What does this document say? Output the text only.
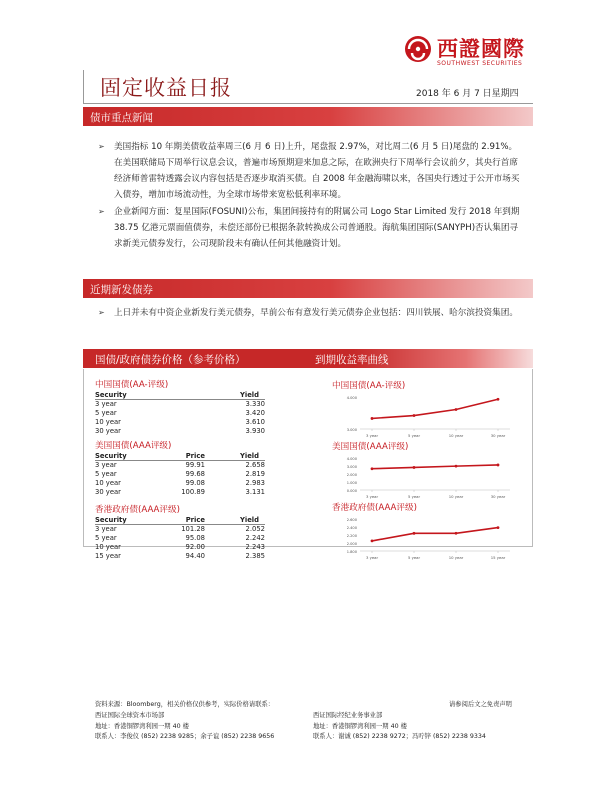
西證國際
SOUTHWEST SECURITIES
固定收益日报	2018 年 6 月 7 日星期四
债市重点新闻
➢ 美国指标 10 年期美债收益率周三(6 月 6 日)上升，尾盘报 2.97%，对比周二(6 月 5 日)尾盘的 2.91%。在美国联储局下周举行议息会议，普遍市场预期迎来加息之际，在欧洲央行下周举行会议前夕，其央行首席经济师普雷特透露会议内容包括是否逐步取消买债。自 2008 年金融海啸以来，各国央行透过于公开市场买入债券，增加市场流动性，为全球市场带来宽松低利率环境。
➢ 企业新闻方面：复星国际(FOSUNI)公布，集团间接持有的附属公司 Logo Star Limited 发行 2018 年到期 38.75 亿港元票面值债券，未偿还部份已根据条款转换成公司普通股。海航集团国际(SANYPH)否认集团寻求新美元债券发行，公司现阶段未有确认任何其他融资计划。
近期新发债券
➢ 上日并未有中资企业新发行美元债券，早前公布有意发行美元债券企业包括：四川铁展、哈尔滨投资集团。
国债/政府债券价格（参考价格）	到期收益率曲线
中国国债(AA-评级)
Security	Yield
3 year	3.330
5 year	3.420
10 year	3.610
30 year	3.930
美国国债(AAA评级)
Security	Price	Yield
3 year	99.91	2.658
5 year	99.68	2.819
10 year	99.08	2.983
30 year	100.89	3.131
香港政府债(AAA评级)
Security	Price	Yield
3 year	101.28	2.052
5 year	95.08	2.242
10 year	92.00	2.243
15 year	94.40	2.385
中国国债(AA-评级)
4.000
3.000
3 year	5 year	10 year	30 year
美国国债(AAA评级)
4.000
3.000
2.000
1.000
0.000
3 year	5 year	10 year	30 year
香港政府债(AAA评级)
2.600
2.400
2.200
2.000
1.800
3 year	5 year	10 year	15 year
资料来源：Bloomberg，相关价格仅供参考，实际价格请联系：	请参阅后文之免责声明
西证国际全球资本市场部
地址：香港铜锣湾利园一期 40 楼
联系人：李俊仪 (852) 2238 9285；余子谊 (852) 2238 9656
西证国际经纪业务事业部
地址：香港铜锣湾利园一期 40 楼
联系人：谢诚 (852) 2238 9272；冯咛锌 (852) 2238 9334
